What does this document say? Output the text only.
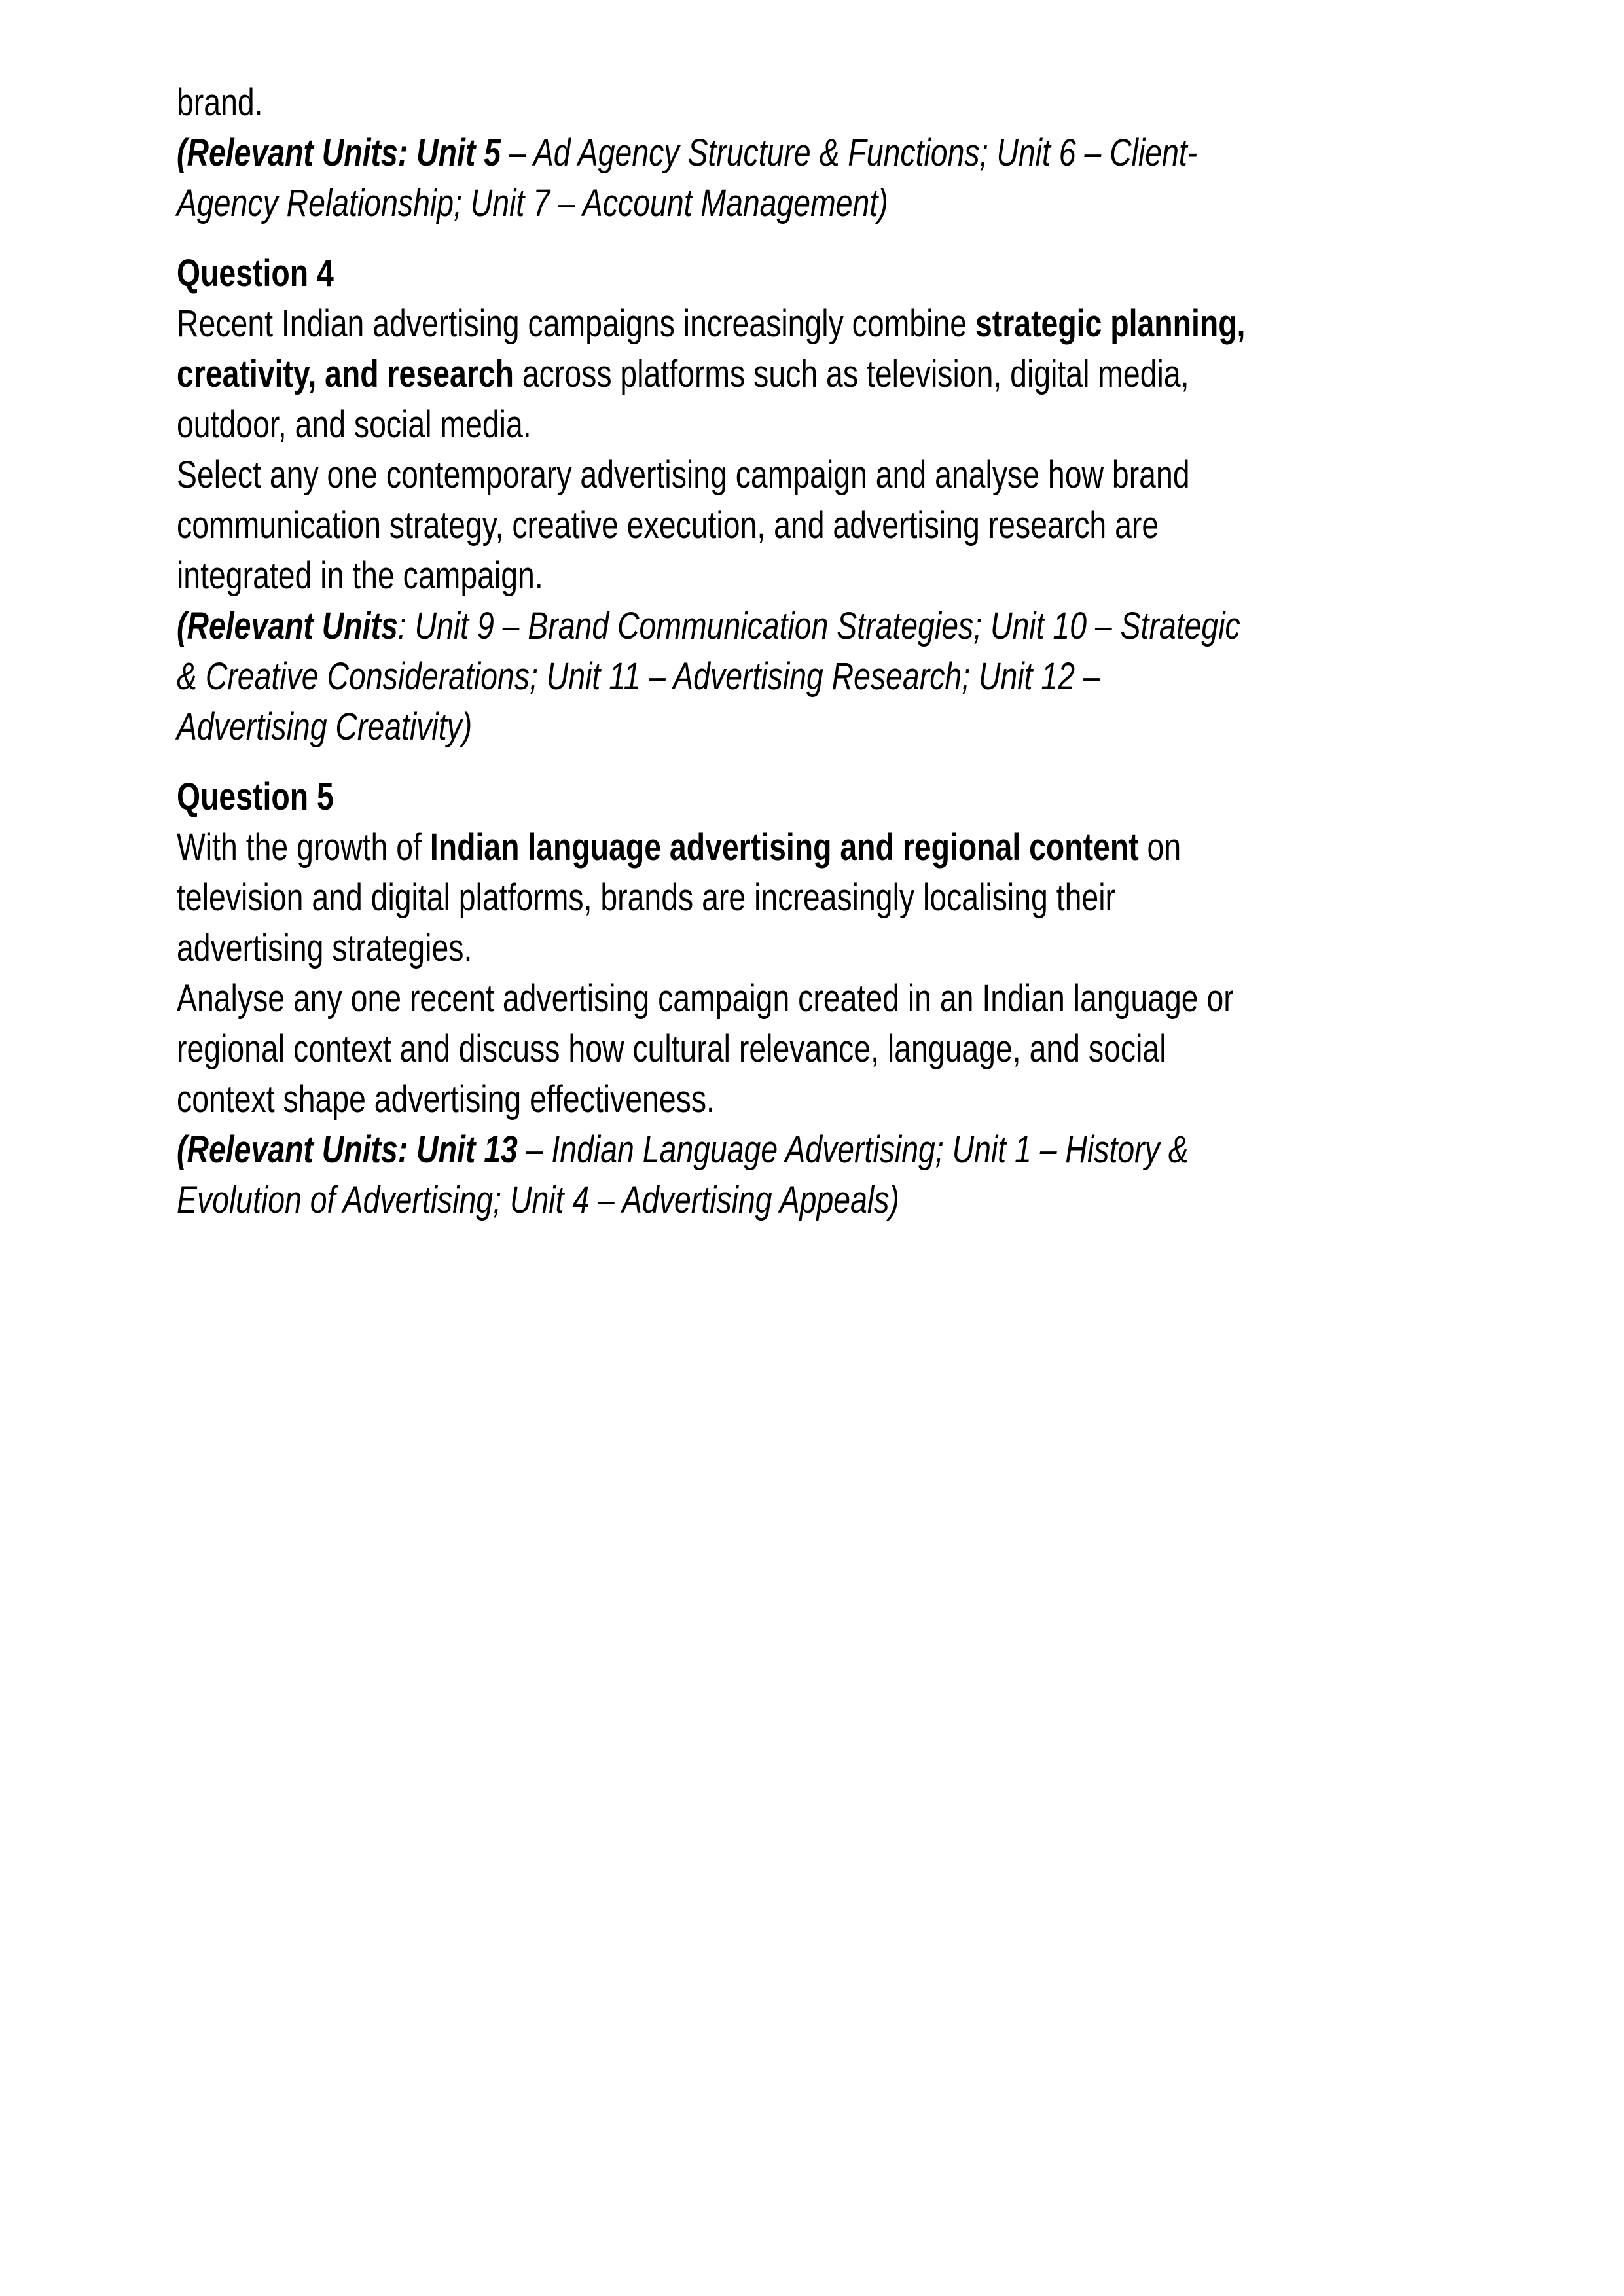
brand.
(Relevant Units: Unit 5 – Ad Agency Structure & Functions; Unit 6 – Client-
Agency Relationship; Unit 7 – Account Management)
Question 4
Recent Indian advertising campaigns increasingly combine strategic planning,
creativity, and research across platforms such as television, digital media,
outdoor, and social media.
Select any one contemporary advertising campaign and analyse how brand
communication strategy, creative execution, and advertising research are
integrated in the campaign.
(Relevant Units: Unit 9 – Brand Communication Strategies; Unit 10 – Strategic
& Creative Considerations; Unit 11 – Advertising Research; Unit 12 –
Advertising Creativity)
Question 5
With the growth of Indian language advertising and regional content on
television and digital platforms, brands are increasingly localising their
advertising strategies.
Analyse any one recent advertising campaign created in an Indian language or
regional context and discuss how cultural relevance, language, and social
context shape advertising effectiveness.
(Relevant Units: Unit 13 – Indian Language Advertising; Unit 1 – History &
Evolution of Advertising; Unit 4 – Advertising Appeals)
